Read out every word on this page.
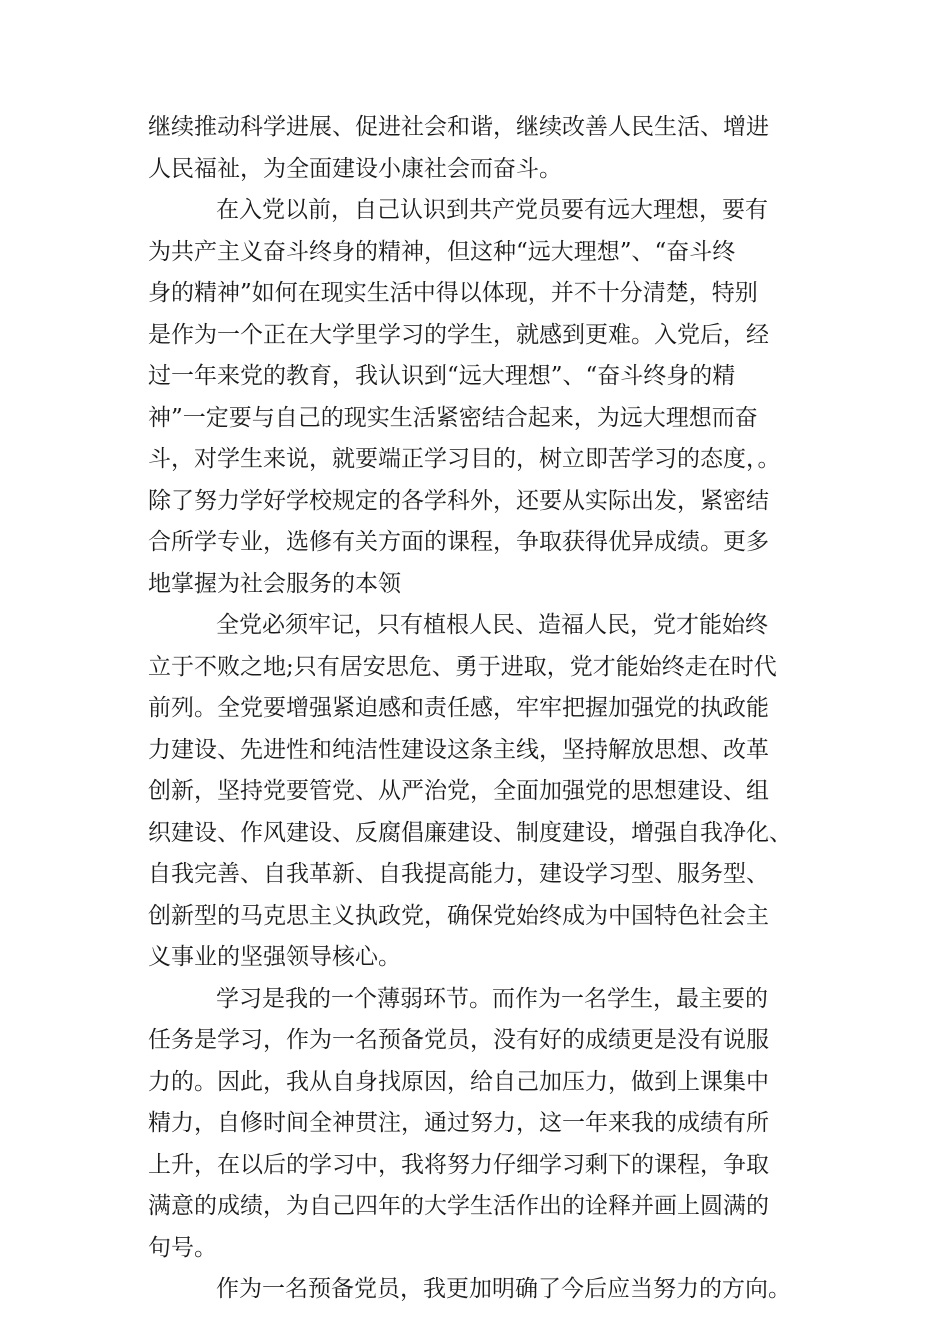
继续推动科学进展、促进社会和谐，继续改善人民生活、增进
人民福祉，为全面建设小康社会而奋斗。
在入党以前，自己认识到共产党员要有远大理想，要有
为共产主义奋斗终身的精神，但这种“远大理想”、“奋斗终
身的精神”如何在现实生活中得以体现，并不十分清楚，特别
是作为一个正在大学里学习的学生，就感到更难。入党后，经
过一年来党的教育，我认识到“远大理想”、“奋斗终身的精
神”一定要与自己的现实生活紧密结合起来，为远大理想而奋
斗，对学生来说，就要端正学习目的，树立即苦学习的态度，。
除了努力学好学校规定的各学科外，还要从实际出发，紧密结
合所学专业，选修有关方面的课程，争取获得优异成绩。更多
地掌握为社会服务的本领
全党必须牢记，只有植根人民、造福人民，党才能始终
立于不败之地;只有居安思危、勇于进取，党才能始终走在时代
前列。全党要增强紧迫感和责任感，牢牢把握加强党的执政能
力建设、先进性和纯洁性建设这条主线，坚持解放思想、改革
创新，坚持党要管党、从严治党，全面加强党的思想建设、组
织建设、作风建设、反腐倡廉建设、制度建设，增强自我净化、
自我完善、自我革新、自我提高能力，建设学习型、服务型、
创新型的马克思主义执政党，确保党始终成为中国特色社会主
义事业的坚强领导核心。
学习是我的一个薄弱环节。而作为一名学生，最主要的
任务是学习，作为一名预备党员，没有好的成绩更是没有说服
力的。因此，我从自身找原因，给自己加压力，做到上课集中
精力，自修时间全神贯注，通过努力，这一年来我的成绩有所
上升，在以后的学习中，我将努力仔细学习剩下的课程，争取
满意的成绩，为自己四年的大学生活作出的诠释并画上圆满的
句号。
作为一名预备党员，我更加明确了今后应当努力的方向。
